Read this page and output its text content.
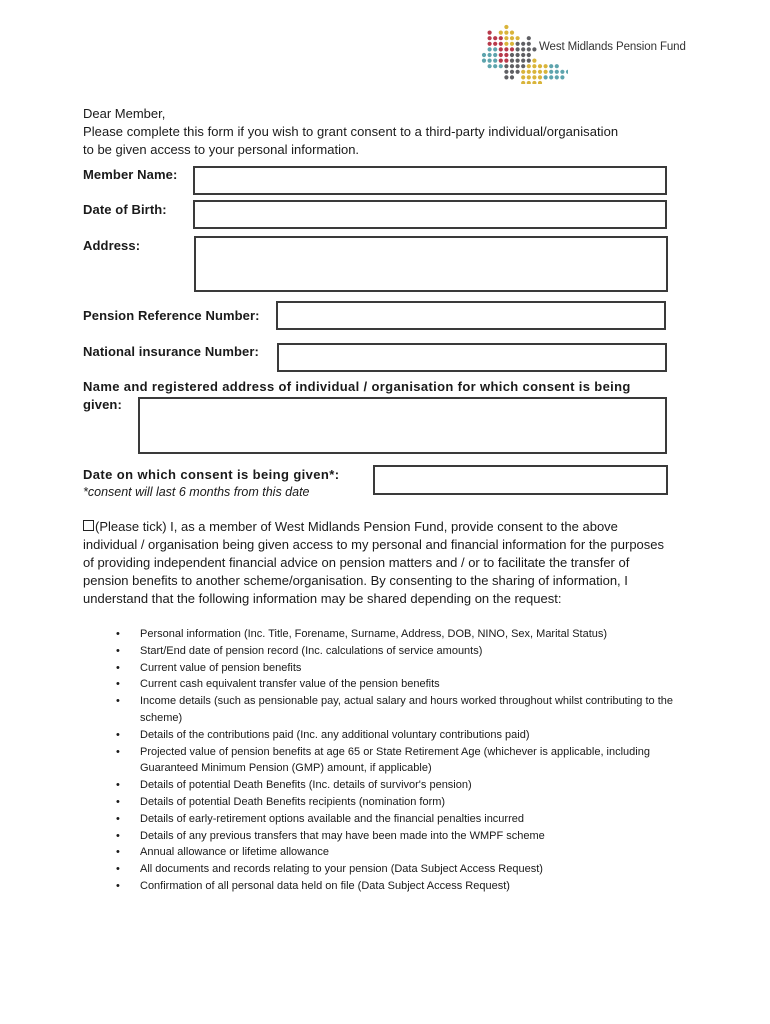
West Midlands Pension Fund
Dear Member,
Please complete this form if you wish to grant consent to a third-party individual/organisation
to be given access to your personal information.
Member Name:
Date of Birth:
Address:
Pension Reference Number:
National insurance Number:
Name and registered address of individual / organisation for which consent is being
given:
Date on which consent is being given*:
*consent will last 6 months from this date
(Please tick) I, as a member of West Midlands Pension Fund, provide consent to the above individual / organisation being given access to my personal and financial information for the purposes of providing independent financial advice on pension matters and / or to facilitate the transfer of pension benefits to another scheme/organisation. By consenting to the sharing of information, I understand that the following information may be shared depending on the request:
• Personal information (Inc. Title, Forename, Surname, Address, DOB, NINO, Sex, Marital Status)
• Start/End date of pension record (Inc. calculations of service amounts)
• Current value of pension benefits
• Current cash equivalent transfer value of the pension benefits
• Income details (such as pensionable pay, actual salary and hours worked throughout whilst contributing to the scheme)
• Details of the contributions paid (Inc. any additional voluntary contributions paid)
• Projected value of pension benefits at age 65 or State Retirement Age (whichever is applicable, including Guaranteed Minimum Pension (GMP) amount, if applicable)
• Details of potential Death Benefits (Inc. details of survivor's pension)
• Details of potential Death Benefits recipients (nomination form)
• Details of early-retirement options available and the financial penalties incurred
• Details of any previous transfers that may have been made into the WMPF scheme
• Annual allowance or lifetime allowance
• All documents and records relating to your pension (Data Subject Access Request)
• Confirmation of all personal data held on file (Data Subject Access Request)
